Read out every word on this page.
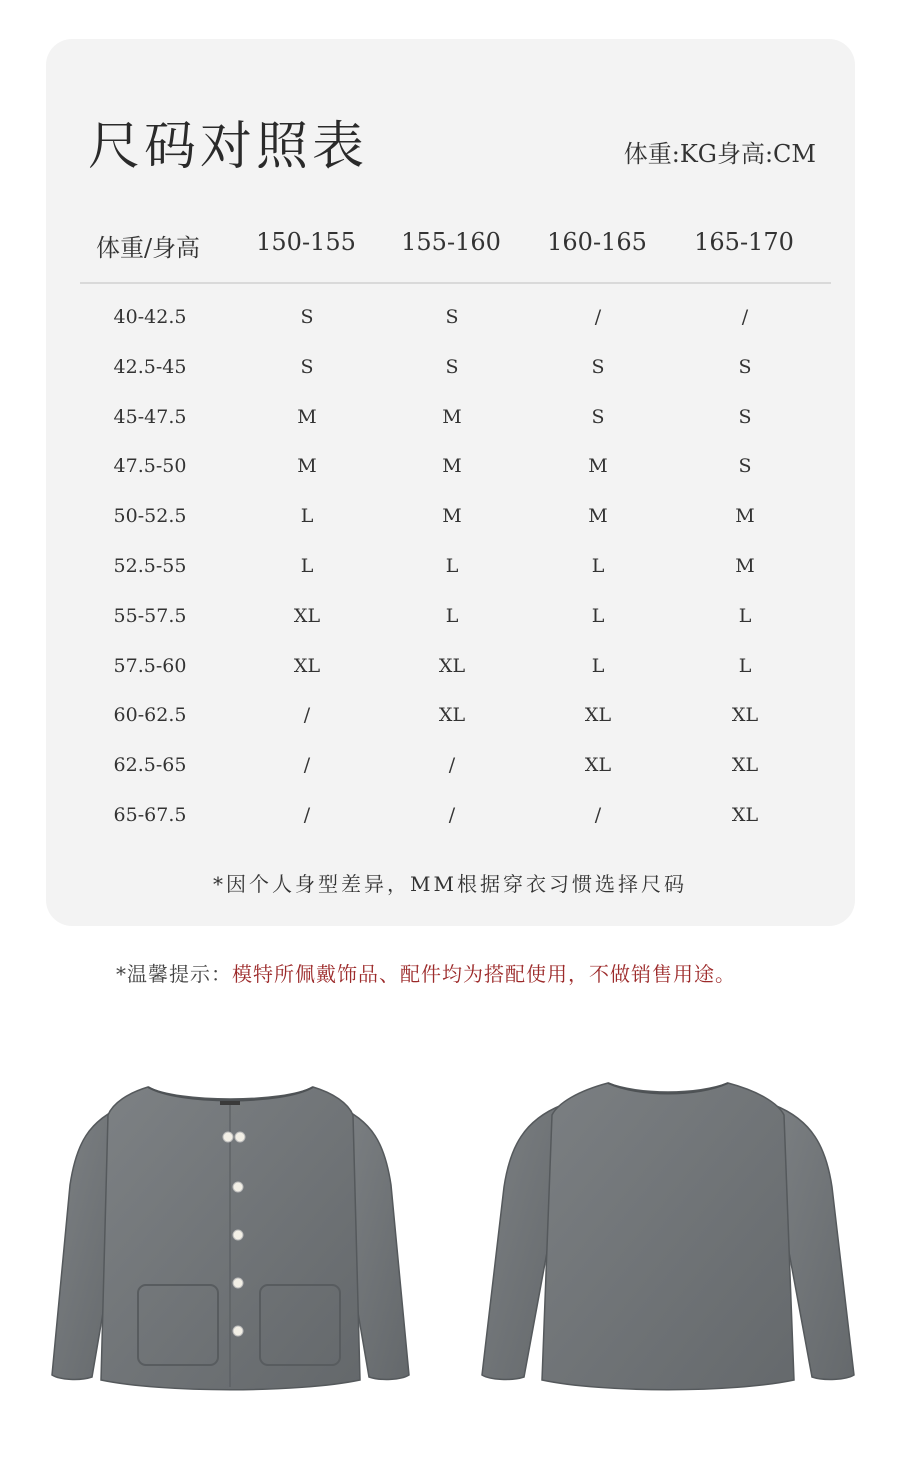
尺码对照表	体重:KG身高:CM
体重/身高 150-155 155-160 160-165 165-170
40-42.5	S	S	/	/
42.5-45	S	S	S	S
45-47.5	M	M	S	S
47.5-50	M	M	M	S
50-52.5	L	M	M	M
52.5-55	L	L	L	M
55-57.5	XL	L	L	L
57.5-60	XL	XL	L	L
60-62.5	/	XL	XL	XL
62.5-65	/	/	XL	XL
65-67.5	/	/	/	XL
*因个人身型差异，MM根据穿衣习惯选择尺码
*温馨提示：模特所佩戴饰品、配件均为搭配使用，不做销售用途。
